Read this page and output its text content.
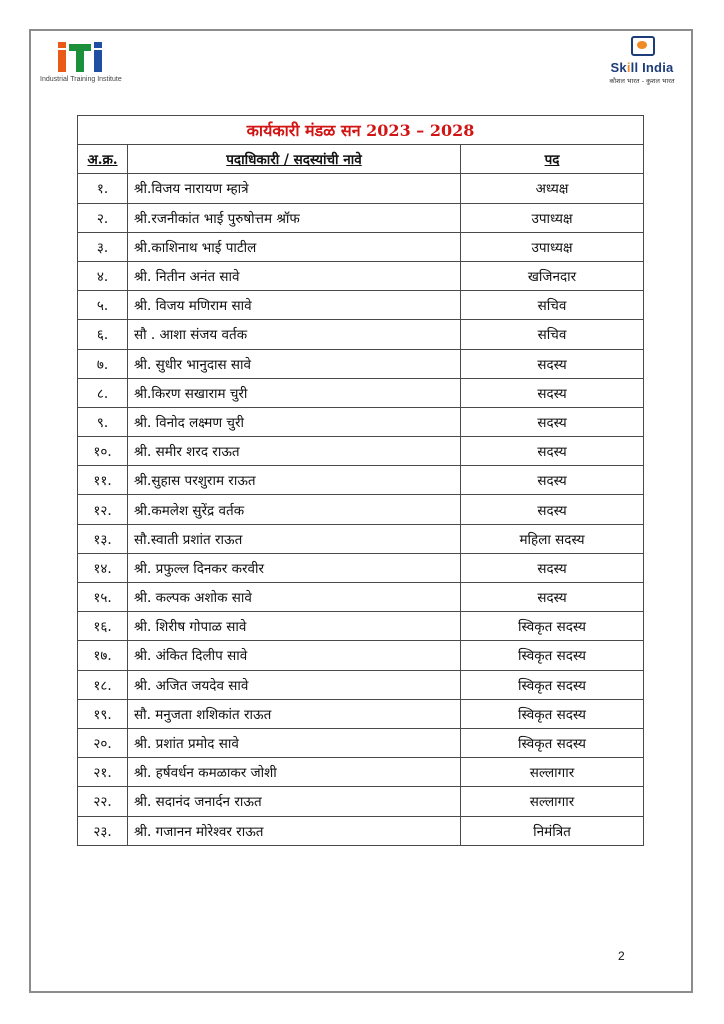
Industrial Training Institute
Skill India
कौशल भारत - कुशल भारत
कार्यकारी मंडळ सन 2023 – 2028		
अ.क्र.	पदाधिकारी / सदस्यांची नावे	पद
१.	श्री.विजय नारायण म्हात्रे	अध्यक्ष
२.	श्री.रजनीकांत भाई पुरुषोत्तम श्रॉफ	उपाध्यक्ष
३.	श्री.काशिनाथ भाई पाटील	उपाध्यक्ष
४.	श्री. नितीन अनंत सावे	खजिनदार
५.	श्री. विजय मणिराम सावे	सचिव
६.	सौ . आशा संजय वर्तक	सचिव
७.	श्री. सुधीर भानुदास सावे	सदस्य
८.	श्री.किरण सखाराम चुरी	सदस्य
९.	श्री. विनोद लक्ष्मण चुरी	सदस्य
१०.	श्री. समीर शरद राऊत	सदस्य
११.	श्री.सुहास परशुराम राऊत	सदस्य
१२.	श्री.कमलेश सुरेंद्र वर्तक	सदस्य
१३.	सौ.स्वाती प्रशांत राऊत	महिला सदस्य
१४.	श्री. प्रफुल्ल दिनकर करवीर	सदस्य
१५.	श्री. कल्पक अशोक सावे	सदस्य
१६.	श्री. शिरीष गोपाळ सावे	स्विकृत सदस्य
१७.	श्री. अंकित दिलीप सावे	स्विकृत सदस्य
१८.	श्री. अजित जयदेव सावे	स्विकृत सदस्य
१९.	सौ. मनुजता शशिकांत राऊत	स्विकृत सदस्य
२०.	श्री. प्रशांत प्रमोद सावे	स्विकृत सदस्य
२१.	श्री. हर्षवर्धन कमळाकर जोशी	सल्लागार
२२.	श्री. सदानंद जनार्दन राऊत	सल्लागार
२३.	श्री. गजानन मोरेश्वर राऊत	निमंत्रित
2
